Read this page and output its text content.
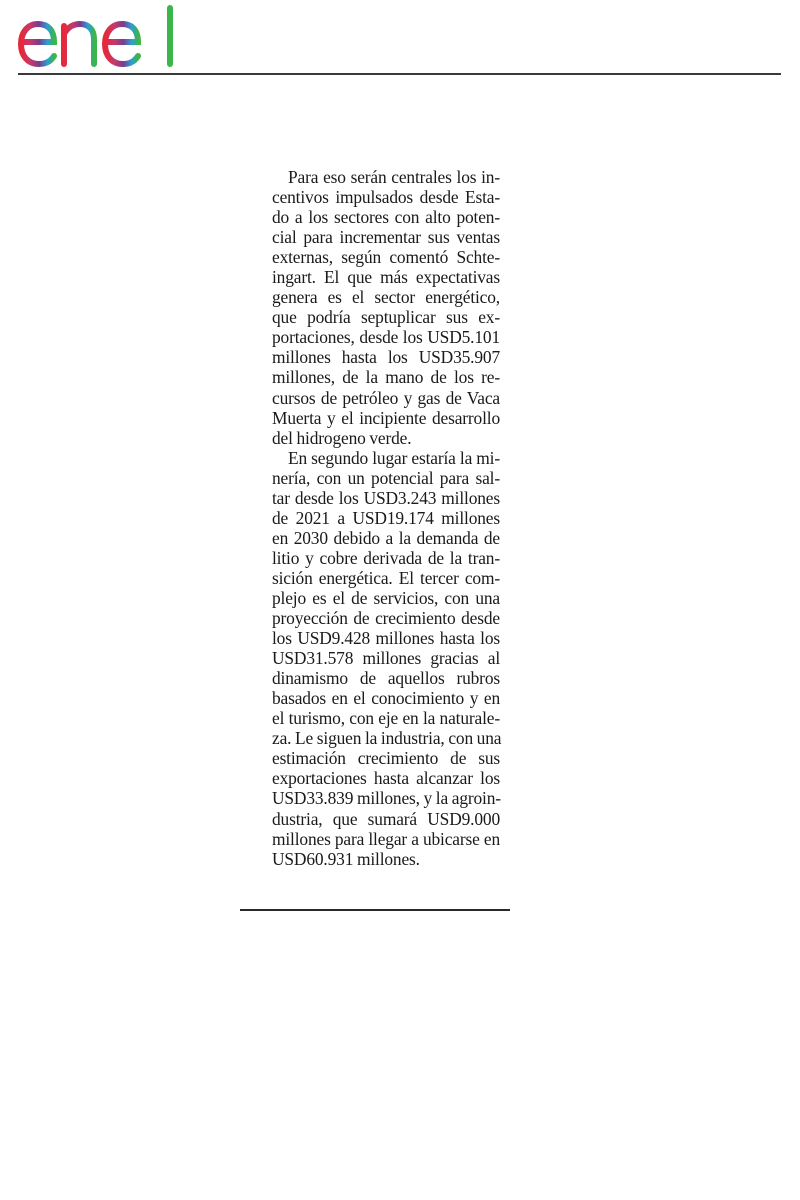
Para eso serán centrales los in-
centivos impulsados desde Esta-
do a los sectores con alto poten-
cial para incrementar sus ventas
externas, según comentó Schte-
ingart. El que más expectativas
genera es el sector energético,
que podría septuplicar sus ex-
portaciones, desde los USD5.101
millones hasta los USD35.907
millones, de la mano de los re-
cursos de petróleo y gas de Vaca
Muerta y el incipiente desarrollo
del hidrogeno verde.

En segundo lugar estaría la mi-
nería, con un potencial para sal-
tar desde los USD3.243 millones
de 2021 a USD19.174 millones
en 2030 debido a la demanda de
litio y cobre derivada de la tran-
sición energética. El tercer com-
plejo es el de servicios, con una
proyección de crecimiento desde
los USD9.428 millones hasta los
USD31.578 millones gracias al
dinamismo de aquellos rubros
basados en el conocimiento y en
el turismo, con eje en la naturale-
za. Le siguen la industria, con una
estimación crecimiento de sus
exportaciones hasta alcanzar los
USD33.839 millones, y la agroin-
dustria, que sumará USD9.000
millones para llegar a ubicarse en
USD60.931 millones.
